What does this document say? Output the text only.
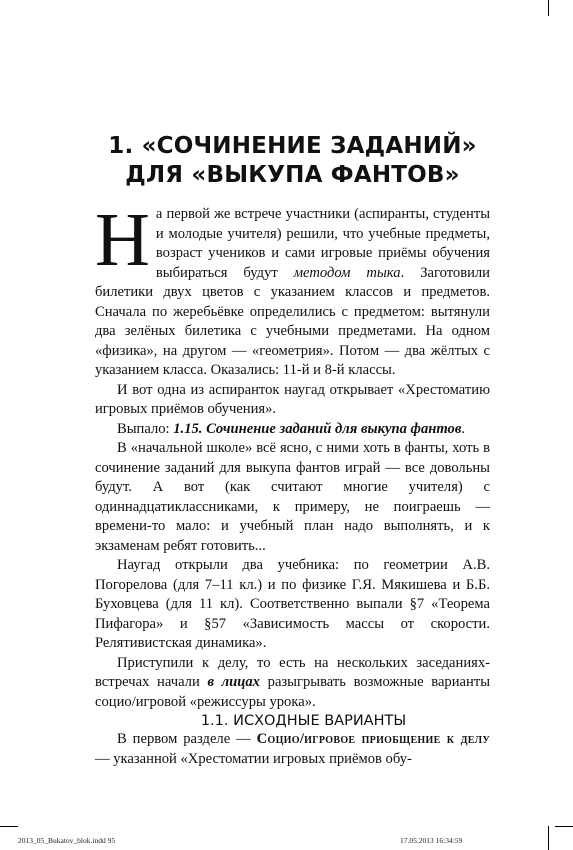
1. «СОЧИНЕНИЕ ЗАДАНИЙ»
ДЛЯ «ВЫКУПА ФАНТОВ»

На первой же встрече участники (аспиранты, студенты и молодые учителя) решили, что учебные предметы, возраст учеников и сами игровые приёмы обучения выбираться будут методом тыка. Заготовили билетики двух цветов с указанием классов и предметов. Сначала по жеребьёвке определились с предметом: вытянули два зелёных билетика с учебными предметами. На одном «физика», на другом — «геометрия». Потом — два жёлтых с указанием класса. Оказались: 11-й и 8-й классы.

И вот одна из аспиранток наугад открывает «Хрестоматию игровых приёмов обучения».

Выпало: 1.15. Сочинение заданий для выкупа фантов.

В «начальной школе» всё ясно, с ними хоть в фанты, хоть в сочинение заданий для выкупа фантов играй — все довольны будут. А вот (как считают многие учителя) с одиннадцатиклассниками, к примеру, не поиграешь — времени-то мало: и учебный план надо выполнять, и к экзаменам ребят готовить...

Наугад открыли два учебника: по геометрии А.В. Погорелова (для 7–11 кл.) и по физике Г.Я. Мякишева и Б.Б. Буховцева (для 11 кл). Соответственно выпали §7 «Теорема Пифагора» и §57 «Зависимость массы от скорости. Релятивистская динамика».

Приступили к делу, то есть на нескольких заседаниях-встречах начали в лицах разыгрывать возможные варианты социо/игровой «режиссуры урока».

1.1. ИСХОДНЫЕ ВАРИАНТЫ

В первом разделе — Социо/игровое приобщение к делу — указанной «Хрестоматии игровых приёмов обу-

2013_05_Bukatov_blok.indd 95	17.05.2013 16:34:59
